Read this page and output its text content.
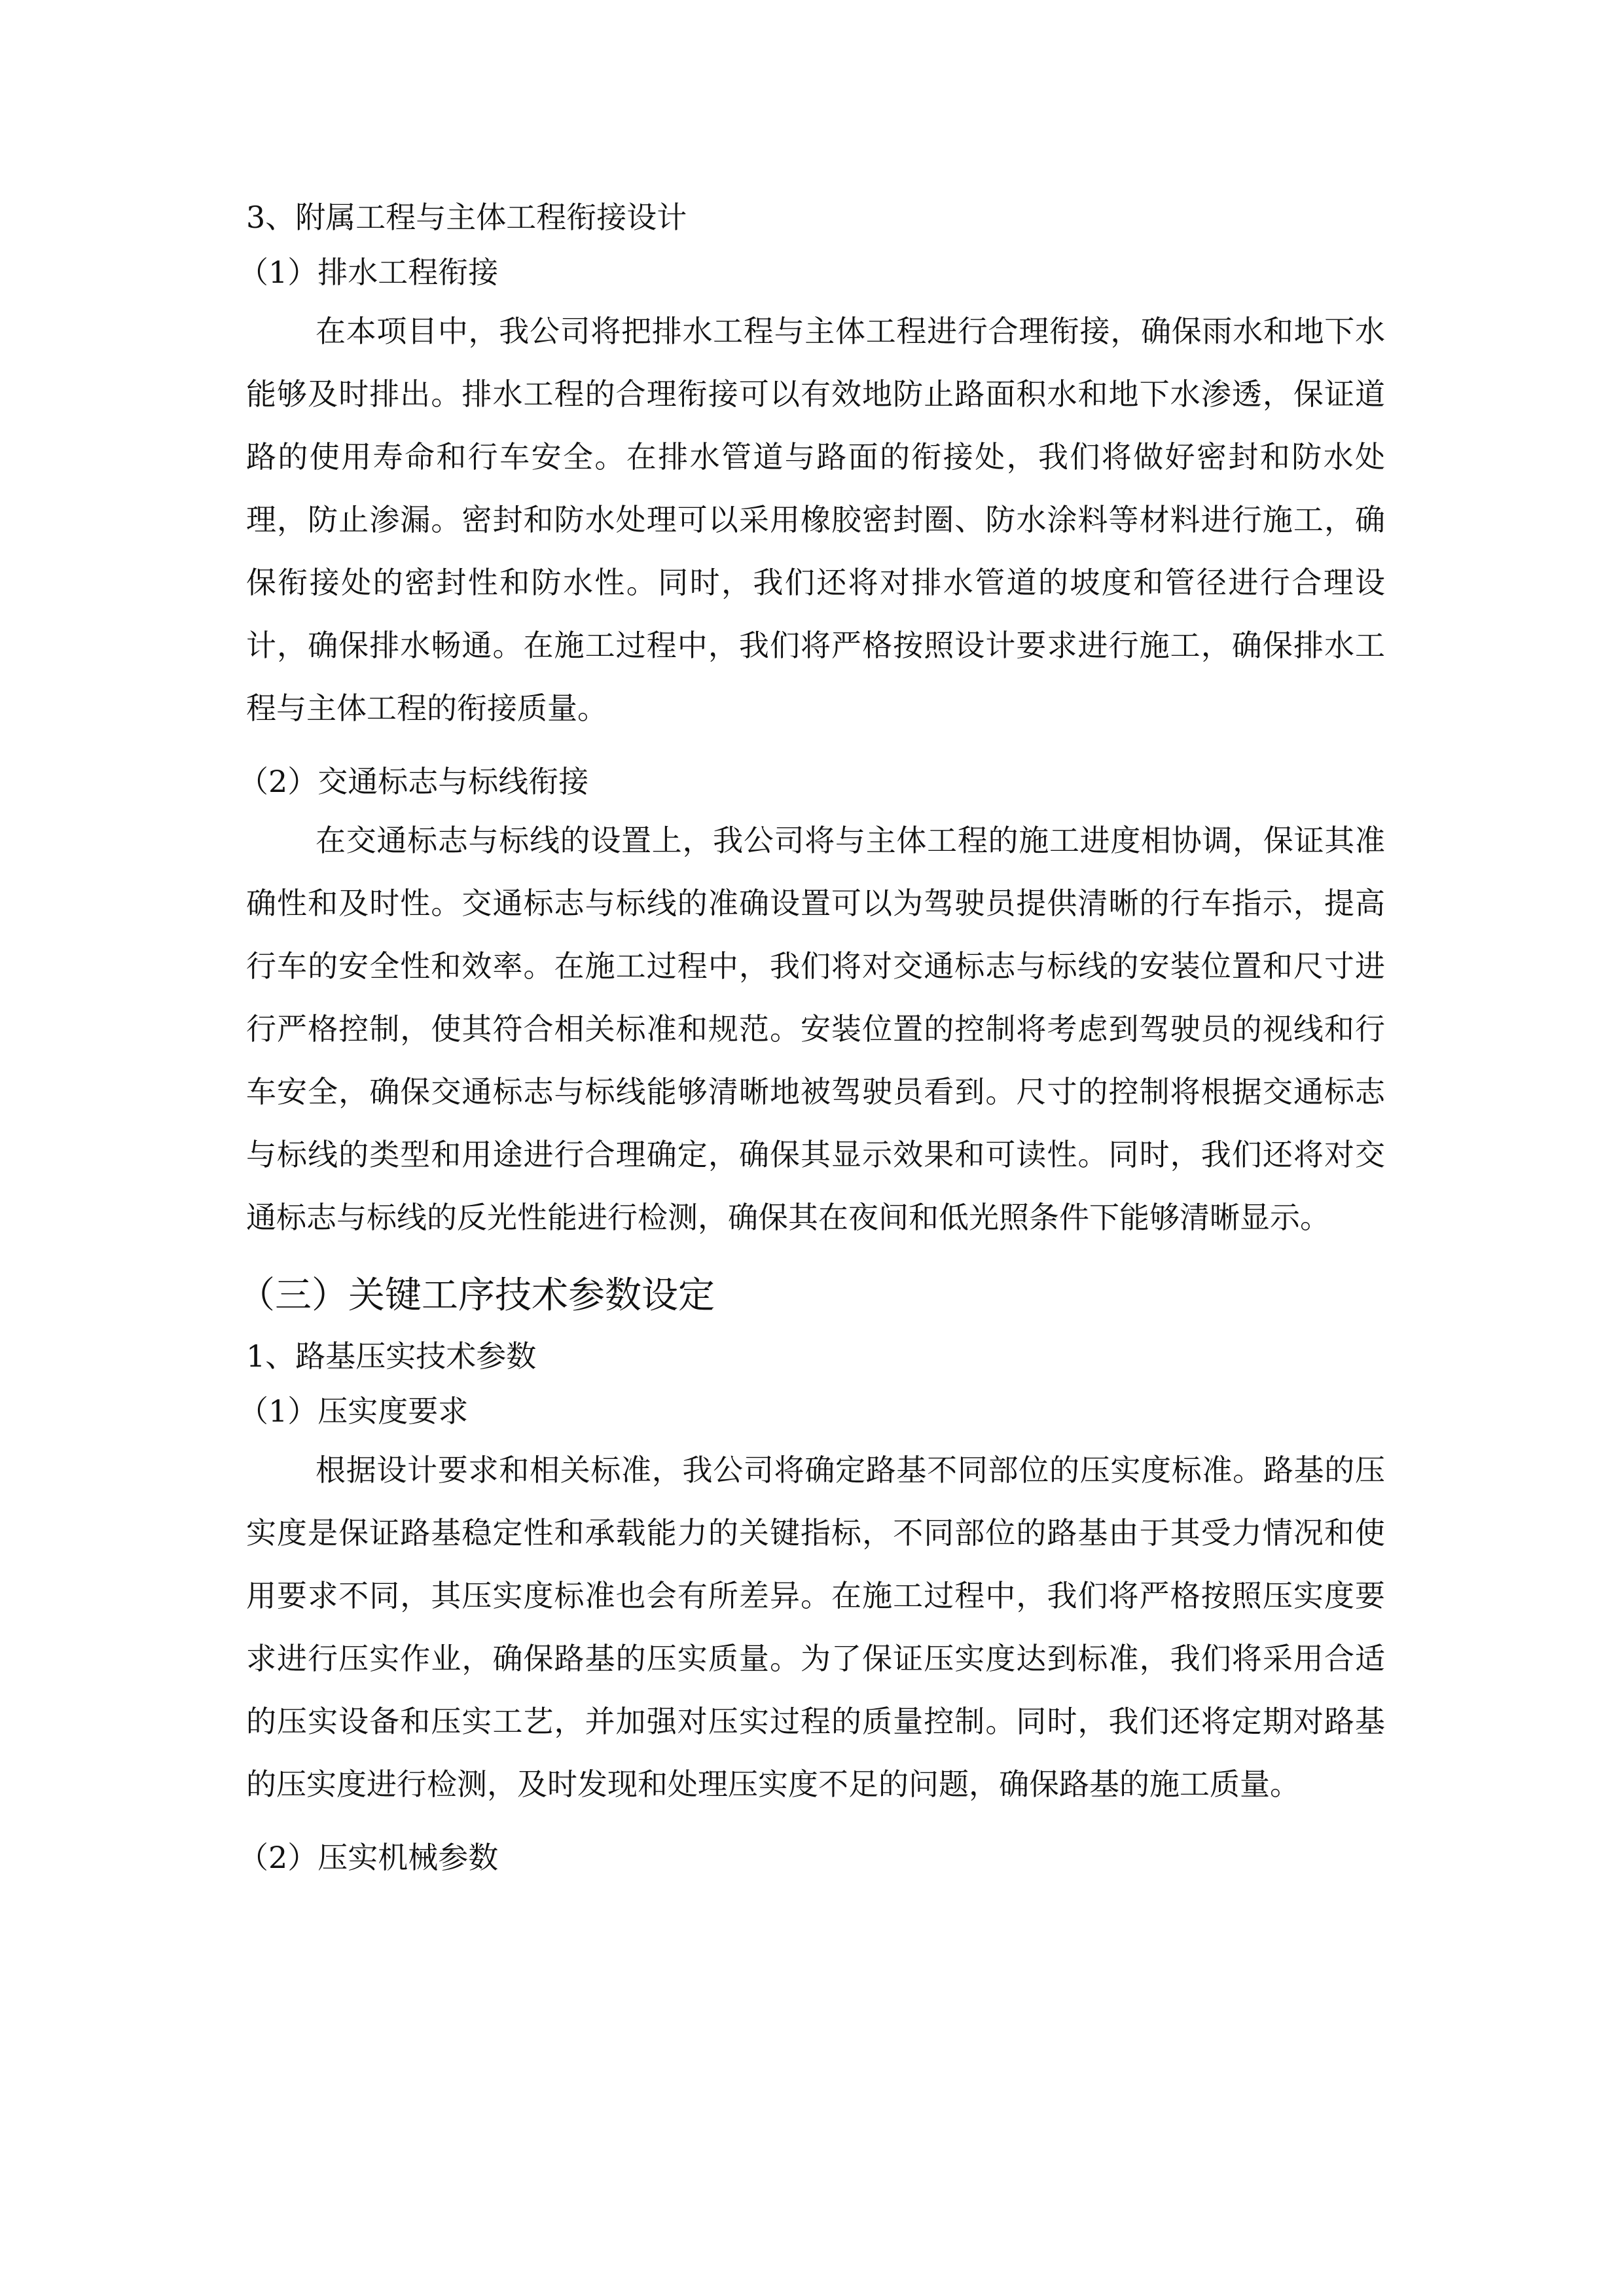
3、附属工程与主体工程衔接设计

（1）排水工程衔接

在本项目中，我公司将把排水工程与主体工程进行合理衔接，确保雨水和地下水能够及时排出。排水工程的合理衔接可以有效地防止路面积水和地下水渗透，保证道路的使用寿命和行车安全。在排水管道与路面的衔接处，我们将做好密封和防水处理，防止渗漏。密封和防水处理可以采用橡胶密封圈、防水涂料等材料进行施工，确保衔接处的密封性和防水性。同时，我们还将对排水管道的坡度和管径进行合理设计，确保排水畅通。在施工过程中，我们将严格按照设计要求进行施工，确保排水工程与主体工程的衔接质量。

（2）交通标志与标线衔接

在交通标志与标线的设置上，我公司将与主体工程的施工进度相协调，保证其准确性和及时性。交通标志与标线的准确设置可以为驾驶员提供清晰的行车指示，提高行车的安全性和效率。在施工过程中，我们将对交通标志与标线的安装位置和尺寸进行严格控制，使其符合相关标准和规范。安装位置的控制将考虑到驾驶员的视线和行车安全，确保交通标志与标线能够清晰地被驾驶员看到。尺寸的控制将根据交通标志与标线的类型和用途进行合理确定，确保其显示效果和可读性。同时，我们还将对交通标志与标线的反光性能进行检测，确保其在夜间和低光照条件下能够清晰显示。

（三）关键工序技术参数设定

1、路基压实技术参数

（1）压实度要求

根据设计要求和相关标准，我公司将确定路基不同部位的压实度标准。路基的压实度是保证路基稳定性和承载能力的关键指标，不同部位的路基由于其受力情况和使用要求不同，其压实度标准也会有所差异。在施工过程中，我们将严格按照压实度要求进行压实作业，确保路基的压实质量。为了保证压实度达到标准，我们将采用合适的压实设备和压实工艺，并加强对压实过程的质量控制。同时，我们还将定期对路基的压实度进行检测，及时发现和处理压实度不足的问题，确保路基的施工质量。

（2）压实机械参数
